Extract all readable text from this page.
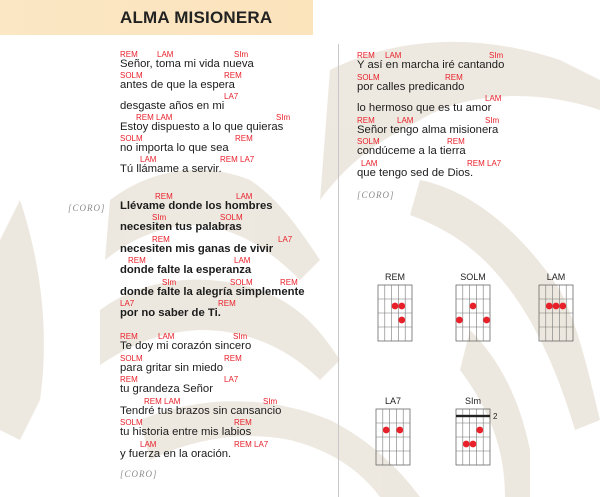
ALMA MISIONERA
REM LAM	SIm
Señor, toma mi vida nueva
SOLM	REM
antes de que la espera
LA7
desgaste años en mi
REM LAM	SIm
Estoy dispuesto a lo que quieras
SOLM	REM
no importa lo que sea
LAM	REM LA7
Tú llámame a servir.
[CORO]
REM	LAM
Llévame donde los hombres
SIm	SOLM
necesiten tus palabras
REM	LA7
necesiten mis ganas de vivir
REM	LAM
donde falte la esperanza
SIm	SOLM	REM
donde falte la alegría simplemente
LA7	REM
por no saber de Ti.
REM	LAM	SIm
Te doy mi corazón sincero
SOLM	REM
para gritar sin miedo
REM	LA7
tu grandeza Señor
REM LAM	SIm
Tendré tus brazos sin cansancio
SOLM	REM
tu historia entre mis labios
LAM	REM LA7
y fuerza en la oración.
[CORO]
REM LAM	SIm
Y así en marcha iré cantando
SOLM	REM
por calles predicando
LAM
lo hermoso que es tu amor
REM	LAM	SIm
Señor tengo alma misionera
SOLM	REM
condúceme a la tierra
LAM	REM LA7
que tengo sed de Dios.
[CORO]
REM	SOLM	LAM
LA7	SIm
2
